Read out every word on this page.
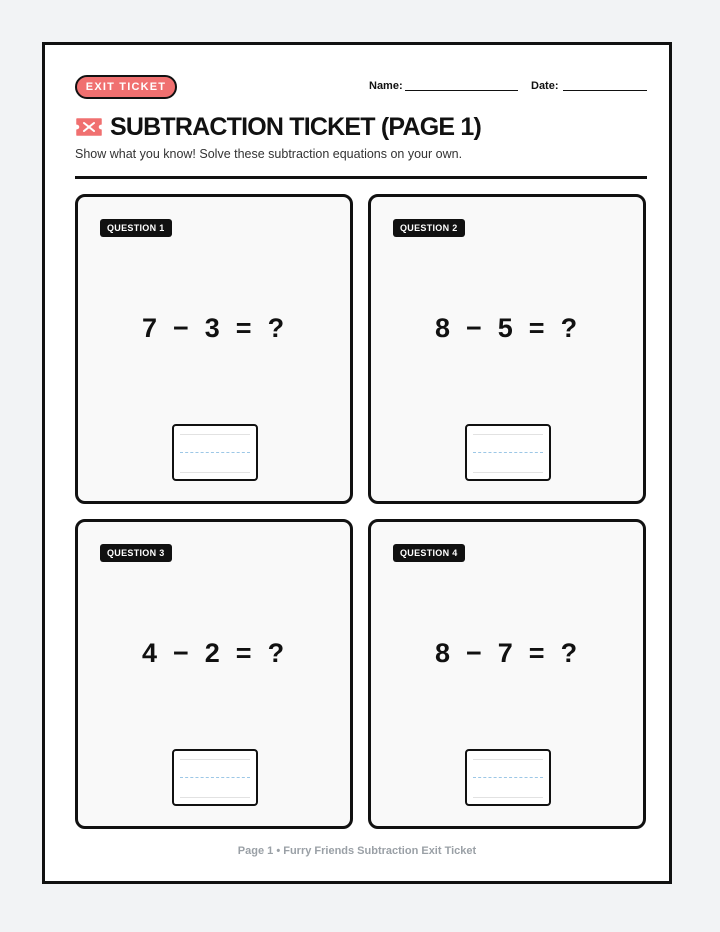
EXIT TICKET	Name:	Date:
SUBTRACTION TICKET (PAGE 1)
Show what you know! Solve these subtraction equations on your own.
QUESTION 1
7 − 3 = ?
QUESTION 2
8 − 5 = ?
QUESTION 3
4 − 2 = ?
QUESTION 4
8 − 7 = ?
Page 1 • Furry Friends Subtraction Exit Ticket
